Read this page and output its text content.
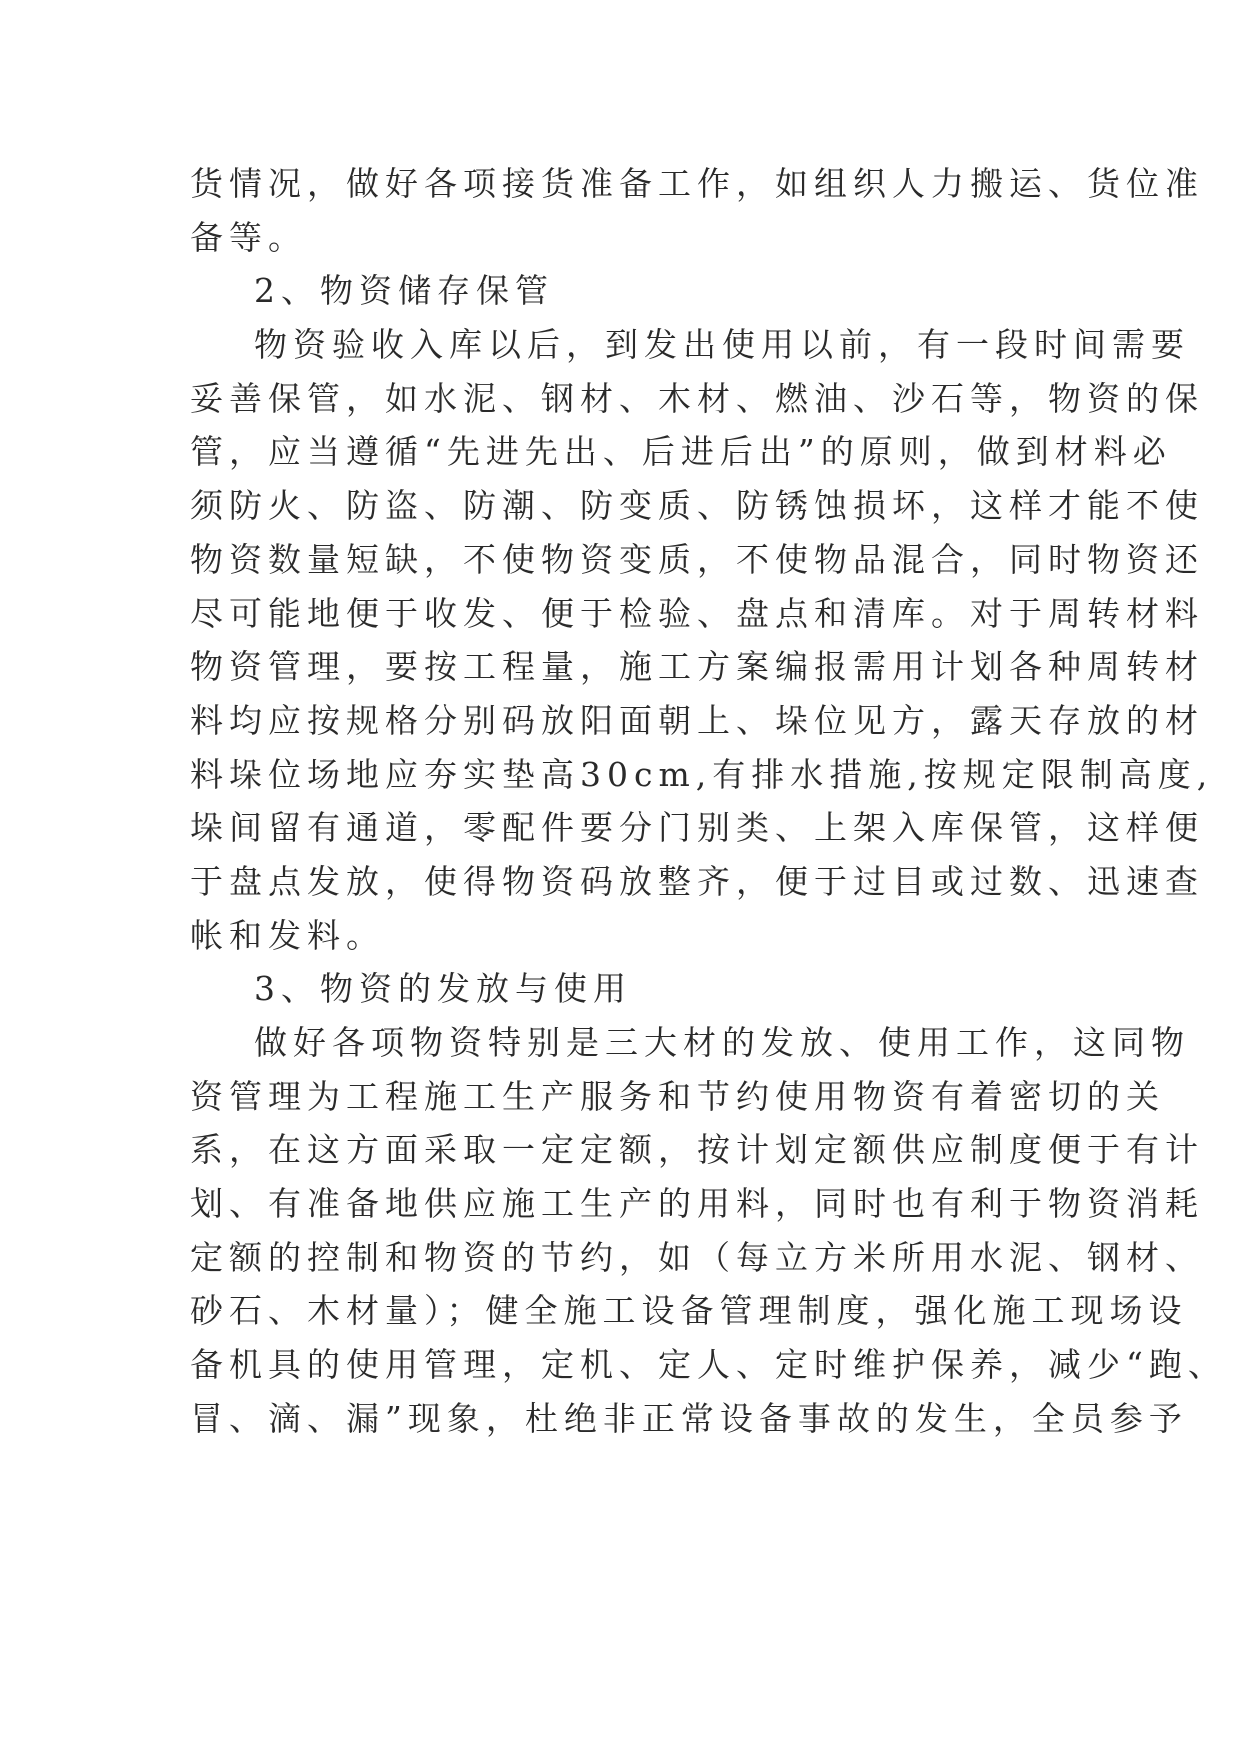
货情况，做好各项接货准备工作，如组织人力搬运、货位准
备等。
2、物资储存保管
物资验收入库以后，到发出使用以前，有一段时间需要
妥善保管，如水泥、钢材、木材、燃油、沙石等，物资的保
管，应当遵循“先进先出、后进后出”的原则，做到材料必
须防火、防盗、防潮、防变质、防锈蚀损坏，这样才能不使
物资数量短缺，不使物资变质，不使物品混合，同时物资还
尽可能地便于收发、便于检验、盘点和清库。对于周转材料
物资管理，要按工程量，施工方案编报需用计划各种周转材
料均应按规格分别码放阳面朝上、垛位见方，露天存放的材
料垛位场地应夯实垫高30cm,有排水措施,按规定限制高度,
垛间留有通道，零配件要分门别类、上架入库保管，这样便
于盘点发放，使得物资码放整齐，便于过目或过数、迅速查
帐和发料。
3、物资的发放与使用
做好各项物资特别是三大材的发放、使用工作，这同物
资管理为工程施工生产服务和节约使用物资有着密切的关
系，在这方面采取一定定额，按计划定额供应制度便于有计
划、有准备地供应施工生产的用料，同时也有利于物资消耗
定额的控制和物资的节约，如（每立方米所用水泥、钢材、
砂石、木材量）；健全施工设备管理制度，强化施工现场设
备机具的使用管理，定机、定人、定时维护保养，减少“跑、
冒、滴、漏”现象，杜绝非正常设备事故的发生，全员参予
